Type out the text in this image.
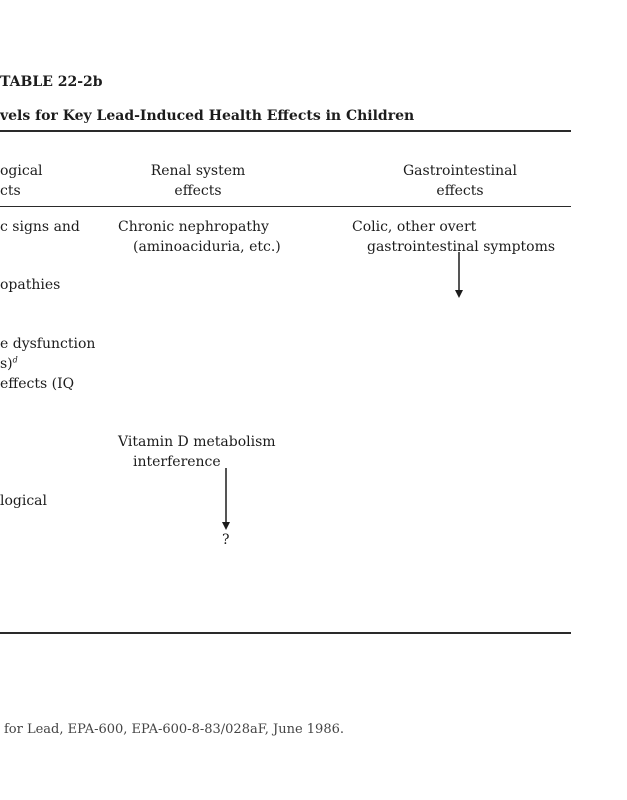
TABLE 22-2b
vels for Key Lead-Induced Health Effects in Children
ogical
cts
Renal system
effects
Gastrointestinal
effects
c signs and
opathies
e dysfunction
s)$^d$
effects (IQ
logical
Chronic nephropathy
(aminoaciduria, etc.)
Vitamin D metabolism
interference
?
Colic, other overt
gastrointestinal symptoms
for Lead, EPA-600, EPA-600-8-83/028aF, June 1986.
